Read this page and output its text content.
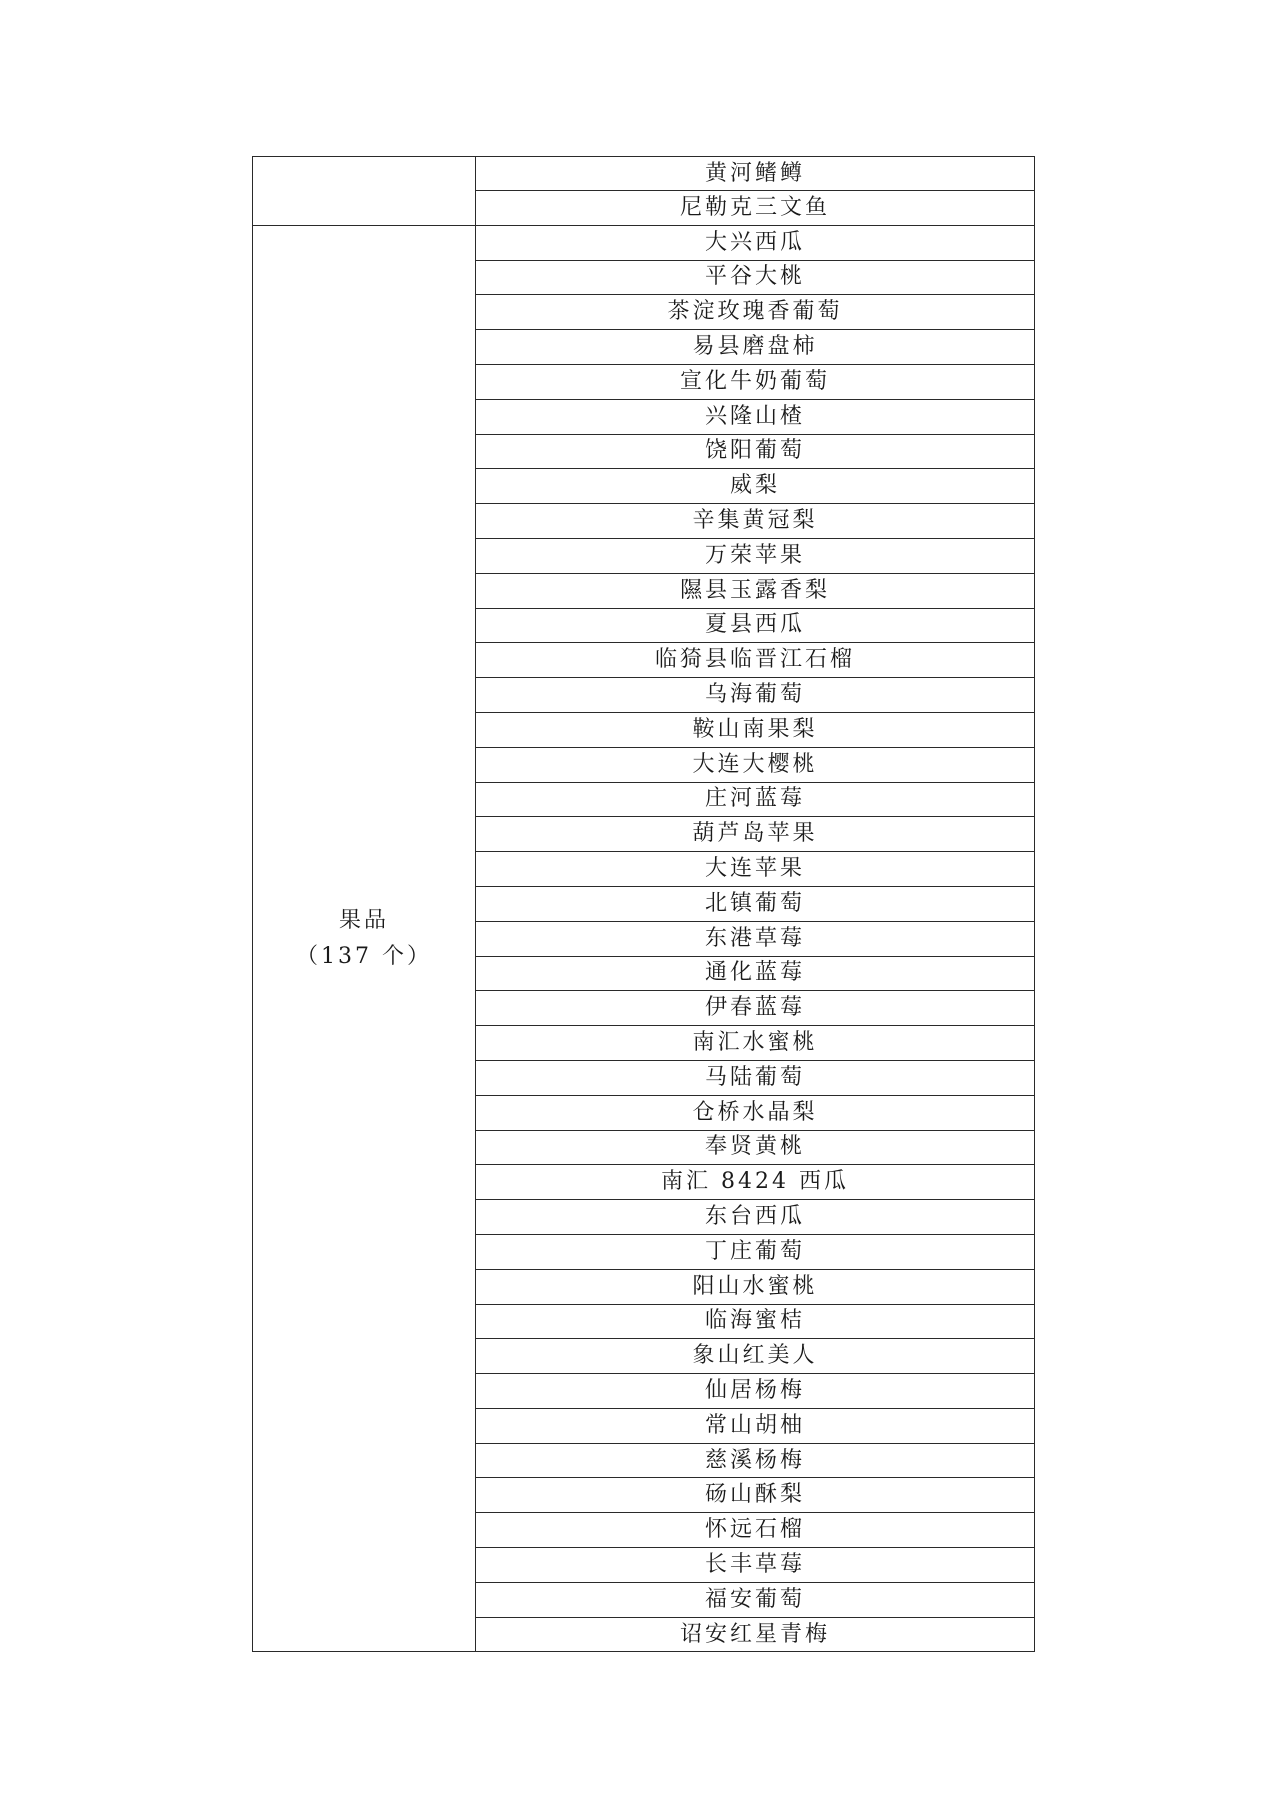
	黄河鳍鳟
	尼勒克三文鱼

果品
（137 个）	大兴西瓜
	平谷大桃
	茶淀玫瑰香葡萄
	易县磨盘柿
	宣化牛奶葡萄
	兴隆山楂
	饶阳葡萄
	威梨
	辛集黄冠梨
	万荣苹果
	隰县玉露香梨
	夏县西瓜
	临猗县临晋江石榴
	乌海葡萄
	鞍山南果梨
	大连大樱桃
	庄河蓝莓
	葫芦岛苹果
	大连苹果
	北镇葡萄
	东港草莓
	通化蓝莓
	伊春蓝莓
	南汇水蜜桃
	马陆葡萄
	仓桥水晶梨
	奉贤黄桃
	南汇 8424 西瓜
	东台西瓜
	丁庄葡萄
	阳山水蜜桃
	临海蜜桔
	象山红美人
	仙居杨梅
	常山胡柚
	慈溪杨梅
	砀山酥梨
	怀远石榴
	长丰草莓
	福安葡萄
	诏安红星青梅
